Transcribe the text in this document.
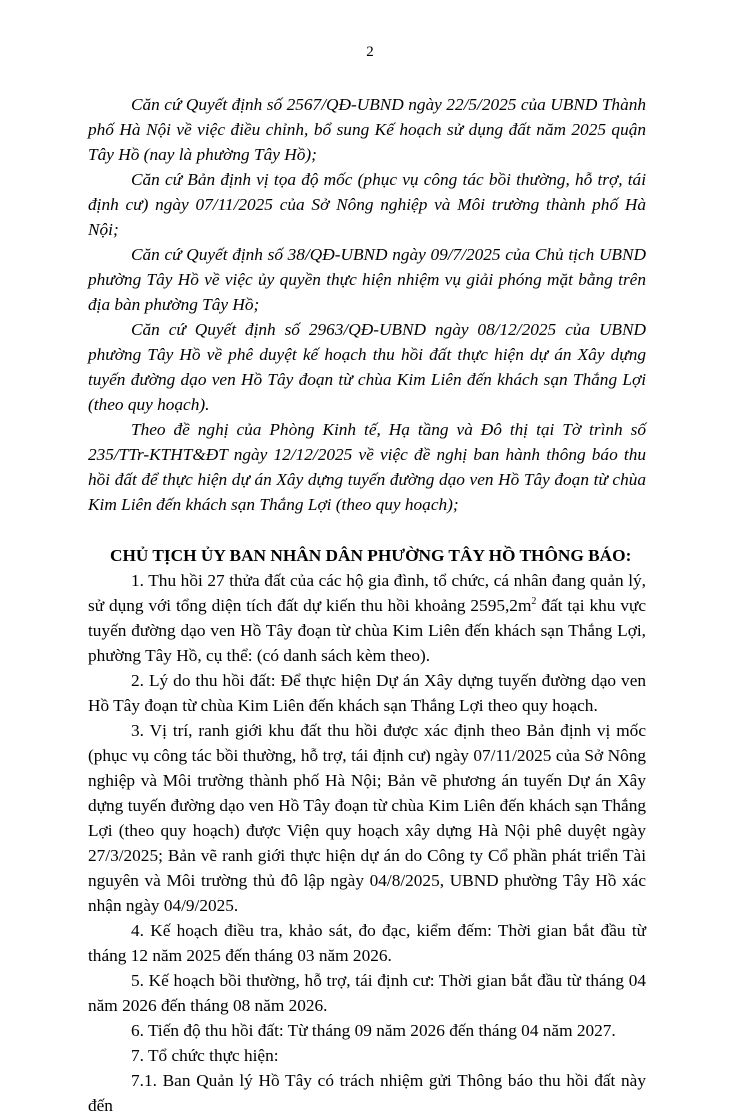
2

Căn cứ Quyết định số 2567/QĐ-UBND ngày 22/5/2025 của UBND Thành phố Hà Nội về việc điều chỉnh, bổ sung Kế hoạch sử dụng đất năm 2025 quận Tây Hồ (nay là phường Tây Hồ);

Căn cứ Bản định vị tọa độ mốc (phục vụ công tác bồi thường, hỗ trợ, tái định cư) ngày 07/11/2025 của Sở Nông nghiệp và Môi trường thành phố Hà Nội;

Căn cứ Quyết định số 38/QĐ-UBND ngày 09/7/2025 của Chủ tịch UBND phường Tây Hồ về việc ủy quyền thực hiện nhiệm vụ giải phóng mặt bằng trên địa bàn phường Tây Hồ;

Căn cứ Quyết định số 2963/QĐ-UBND ngày 08/12/2025 của UBND phường Tây Hồ về phê duyệt kế hoạch thu hồi đất thực hiện dự án Xây dựng tuyến đường dạo ven Hồ Tây đoạn từ chùa Kim Liên đến khách sạn Thắng Lợi (theo quy hoạch).

Theo đề nghị của Phòng Kinh tế, Hạ tầng và Đô thị tại Tờ trình số 235/TTr-KTHT&ĐT ngày 12/12/2025 về việc đề nghị ban hành thông báo thu hồi đất để thực hiện dự án Xây dựng tuyến đường dạo ven Hồ Tây đoạn từ chùa Kim Liên đến khách sạn Thắng Lợi (theo quy hoạch);

CHỦ TỊCH ỦY BAN NHÂN DÂN PHƯỜNG TÂY HỒ THÔNG BÁO:

1. Thu hồi 27 thửa đất của các hộ gia đình, tổ chức, cá nhân đang quản lý, sử dụng với tổng diện tích đất dự kiến thu hồi khoảng $2595,2m^2$ đất tại khu vực tuyến đường dạo ven Hồ Tây đoạn từ chùa Kim Liên đến khách sạn Thắng Lợi, phường Tây Hồ, cụ thể: (có danh sách kèm theo).

2. Lý do thu hồi đất: Để thực hiện Dự án Xây dựng tuyến đường dạo ven Hồ Tây đoạn từ chùa Kim Liên đến khách sạn Thắng Lợi theo quy hoạch.

3. Vị trí, ranh giới khu đất thu hồi được xác định theo Bản định vị mốc (phục vụ công tác bồi thường, hỗ trợ, tái định cư) ngày 07/11/2025 của Sở Nông nghiệp và Môi trường thành phố Hà Nội; Bản vẽ phương án tuyến Dự án Xây dựng tuyến đường dạo ven Hồ Tây đoạn từ chùa Kim Liên đến khách sạn Thắng Lợi (theo quy hoạch) được Viện quy hoạch xây dựng Hà Nội phê duyệt ngày 27/3/2025; Bản vẽ ranh giới thực hiện dự án do Công ty Cổ phần phát triển Tài nguyên và Môi trường thủ đô lập ngày 04/8/2025, UBND phường Tây Hồ xác nhận ngày 04/9/2025.

4. Kế hoạch điều tra, khảo sát, đo đạc, kiểm đếm: Thời gian bắt đầu từ tháng 12 năm 2025 đến tháng 03 năm 2026.

5. Kế hoạch bồi thường, hỗ trợ, tái định cư: Thời gian bắt đầu từ tháng 04 năm 2026 đến tháng 08 năm 2026.

6. Tiến độ thu hồi đất: Từ tháng 09 năm 2026 đến tháng 04 năm 2027.

7. Tổ chức thực hiện:

7.1. Ban Quản lý Hồ Tây có trách nhiệm gửi Thông báo thu hồi đất này đến
